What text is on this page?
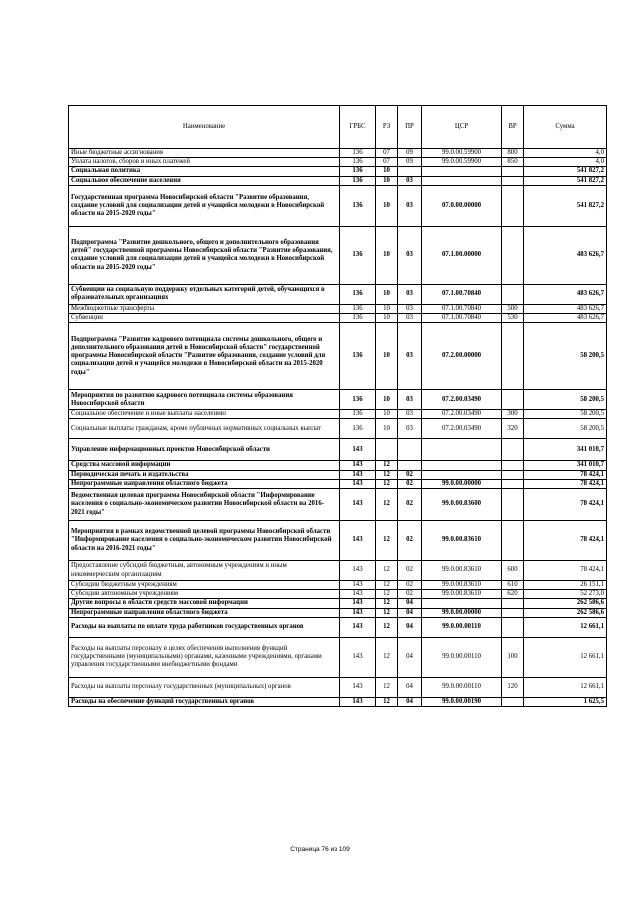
Наименование	ГРБС	РЗ	ПР	ЦСР	ВР	Сумма
Иные бюджетные ассигнования	136	07	09	99.0.00.59900	800	4,0
Уплата налогов, сборов и иных платежей	136	07	09	99.0.00.59900	850	4,0
Социальная политика	136	10				541 827,2
Социальное обеспечение населения	136	10	03			541 827,2
Государственная программа Новосибирской области "Развитие образования, создание условий для социализации детей и учащейся молодежи в Новосибирской области на 2015-2020 годы"	136	10	03	07.0.00.00000		541 827,2
Подпрограмма "Развитие дошкольного, общего и дополнительного образования детей" государственной программы Новосибирской области "Развитие образования, создание условий для социализации детей и учащейся молодежи в Новосибирской области на 2015-2020 годы"	136	10	03	07.1.00.00000		483 626,7
Субвенции на социальную поддержку отдельных категорий детей, обучающихся в образовательных организациях	136	10	03	07.1.00.70840		483 626,7
Межбюджетные трансферты	136	10	03	07.1.00.70840	500	483 626,7
Субвенции	136	10	03	07.1.00.70840	530	483 626,7
Подпрограмма "Развитие кадрового потенциала системы дошкольного, общего и дополнительного образования детей в Новосибирской области" государственной программы Новосибирской области "Развитие образования, создание условий для социализации детей и учащейся молодежи в Новосибирской области на 2015-2020 годы"	136	10	03	07.2.00.00000		58 200,5
Мероприятия по развитию кадрового потенциала системы образования Новосибирской области	136	10	03	07.2.00.03490		58 200,5
Социальное обеспечение и иные выплаты населению	136	10	03	07.2.00.03490	300	58 200,5
Социальные выплаты гражданам, кроме публичных нормативных социальных выплат	136	10	03	07.2.00.03490	320	58 200,5
Управление информационных проектов Новосибирской области	143					341 010,7
Средства массовой информации	143	12				341 010,7
Периодическая печать и издательства	143	12	02			78 424,1
Непрограммные направления областного бюджета	143	12	02	99.0.00.00000		78 424,1
Ведомственная целевая программа Новосибирской области "Информирование населения о социально-экономическом развитии Новосибирской области на 2016-2021 годы"	143	12	02	99.0.00.83600		78 424,1
Мероприятия в рамках ведомственной целевой программы Новосибирской области "Информирование населения о социально-экономическом развитии Новосибирской области на 2016-2021 годы"	143	12	02	99.0.00.83610		78 424,1
Предоставление субсидий бюджетным, автономным учреждениям и иным некоммерческим организациям	143	12	02	99.0.00.83610	600	78 424,1
Субсидии бюджетным учреждениям	143	12	02	99.0.00.83610	610	26 151,1
Субсидии автономным учреждениям	143	12	02	99.0.00.83610	620	52 273,0
Другие вопросы в области средств массовой информации	143	12	04			262 586,6
Непрограммные направления областного бюджета	143	12	04	99.0.00.00000		262 586,6
Расходы на выплаты по оплате труда работников государственных органов	143	12	04	99.0.00.00110		12 661,1
Расходы на выплаты персоналу в целях обеспечения выполнения функций государственными (муниципальными) органами, казенными учреждениями, органами управления государственными внебюджетными фондами	143	12	04	99.0.00.00110	100	12 661,1
Расходы на выплаты персоналу государственных (муниципальных) органов	143	12	04	99.0.00.00110	120	12 661,1
Расходы на обеспечение функций государственных органов	143	12	04	99.0.00.00190		1 625,5
Страница 76 из 109
